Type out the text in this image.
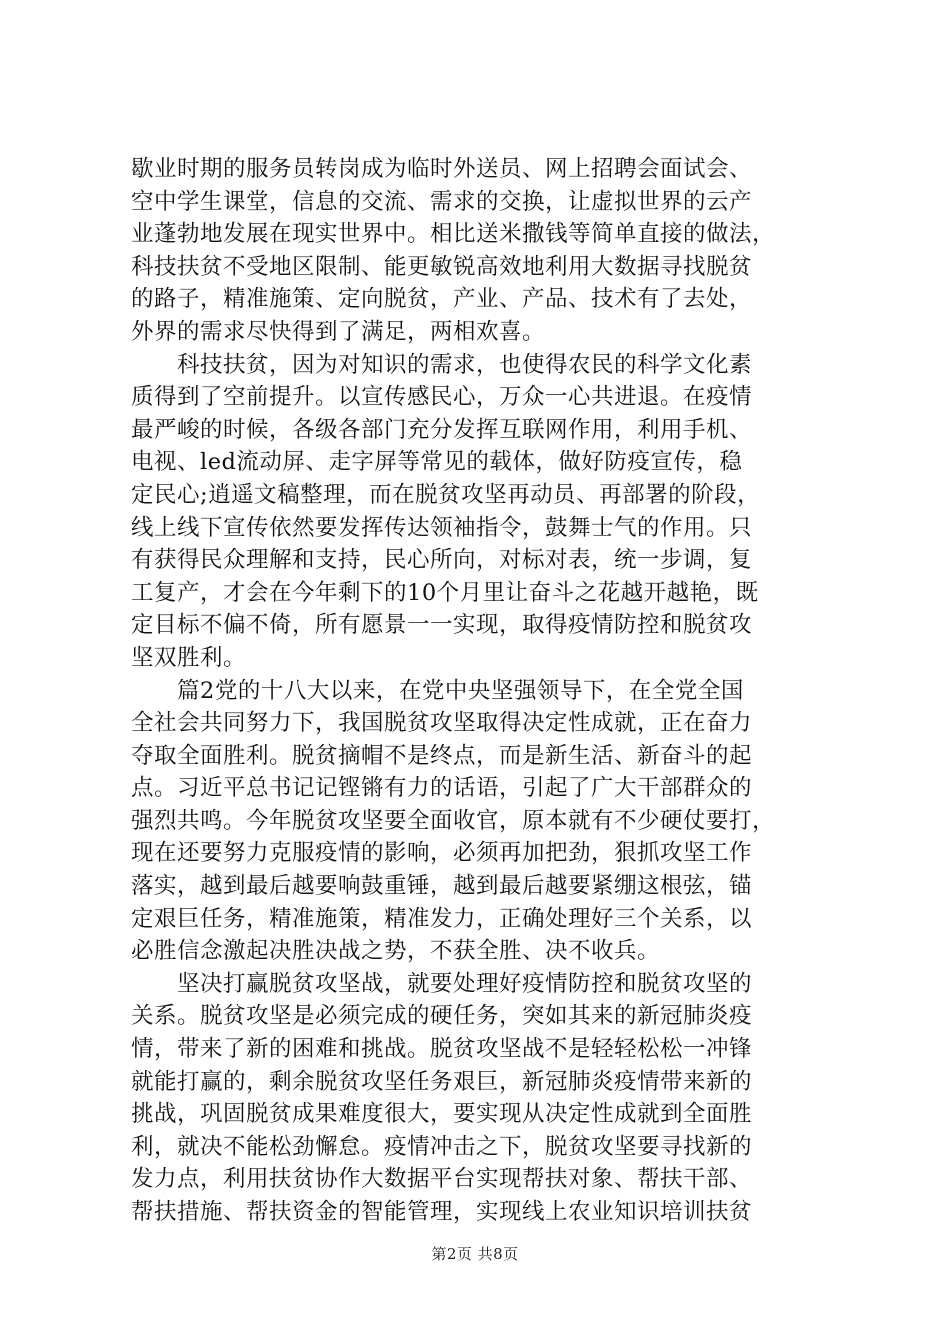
歇业时期的服务员转岗成为临时外送员、网上招聘会面试会、
空中学生课堂，信息的交流、需求的交换，让虚拟世界的云产
业蓬勃地发展在现实世界中。相比送米撒钱等简单直接的做法，
科技扶贫不受地区限制、能更敏锐高效地利用大数据寻找脱贫
的路子，精准施策、定向脱贫，产业、产品、技术有了去处，
外界的需求尽快得到了满足，两相欢喜。
科技扶贫，因为对知识的需求，也使得农民的科学文化素
质得到了空前提升。以宣传感民心，万众一心共进退。在疫情
最严峻的时候，各级各部门充分发挥互联网作用，利用手机、
电视、led流动屏、走字屏等常见的载体，做好防疫宣传，稳
定民心;逍遥文稿整理，而在脱贫攻坚再动员、再部署的阶段，
线上线下宣传依然要发挥传达领袖指令，鼓舞士气的作用。只
有获得民众理解和支持，民心所向，对标对表，统一步调，复
工复产，才会在今年剩下的10个月里让奋斗之花越开越艳，既
定目标不偏不倚，所有愿景一一实现，取得疫情防控和脱贫攻
坚双胜利。
篇2党的十八大以来，在党中央坚强领导下，在全党全国
全社会共同努力下，我国脱贫攻坚取得决定性成就，正在奋力
夺取全面胜利。脱贫摘帽不是终点，而是新生活、新奋斗的起
点。习近平总书记记铿锵有力的话语，引起了广大干部群众的
强烈共鸣。今年脱贫攻坚要全面收官，原本就有不少硬仗要打，
现在还要努力克服疫情的影响，必须再加把劲，狠抓攻坚工作
落实，越到最后越要响鼓重锤，越到最后越要紧绷这根弦，锚
定艰巨任务，精准施策，精准发力，正确处理好三个关系，以
必胜信念激起决胜决战之势，不获全胜、决不收兵。
坚决打赢脱贫攻坚战，就要处理好疫情防控和脱贫攻坚的
关系。脱贫攻坚是必须完成的硬任务，突如其来的新冠肺炎疫
情，带来了新的困难和挑战。脱贫攻坚战不是轻轻松松一冲锋
就能打赢的，剩余脱贫攻坚任务艰巨，新冠肺炎疫情带来新的
挑战，巩固脱贫成果难度很大，要实现从决定性成就到全面胜
利，就决不能松劲懈怠。疫情冲击之下，脱贫攻坚要寻找新的
发力点，利用扶贫协作大数据平台实现帮扶对象、帮扶干部、
帮扶措施、帮扶资金的智能管理，实现线上农业知识培训扶贫
第2页 共8页
